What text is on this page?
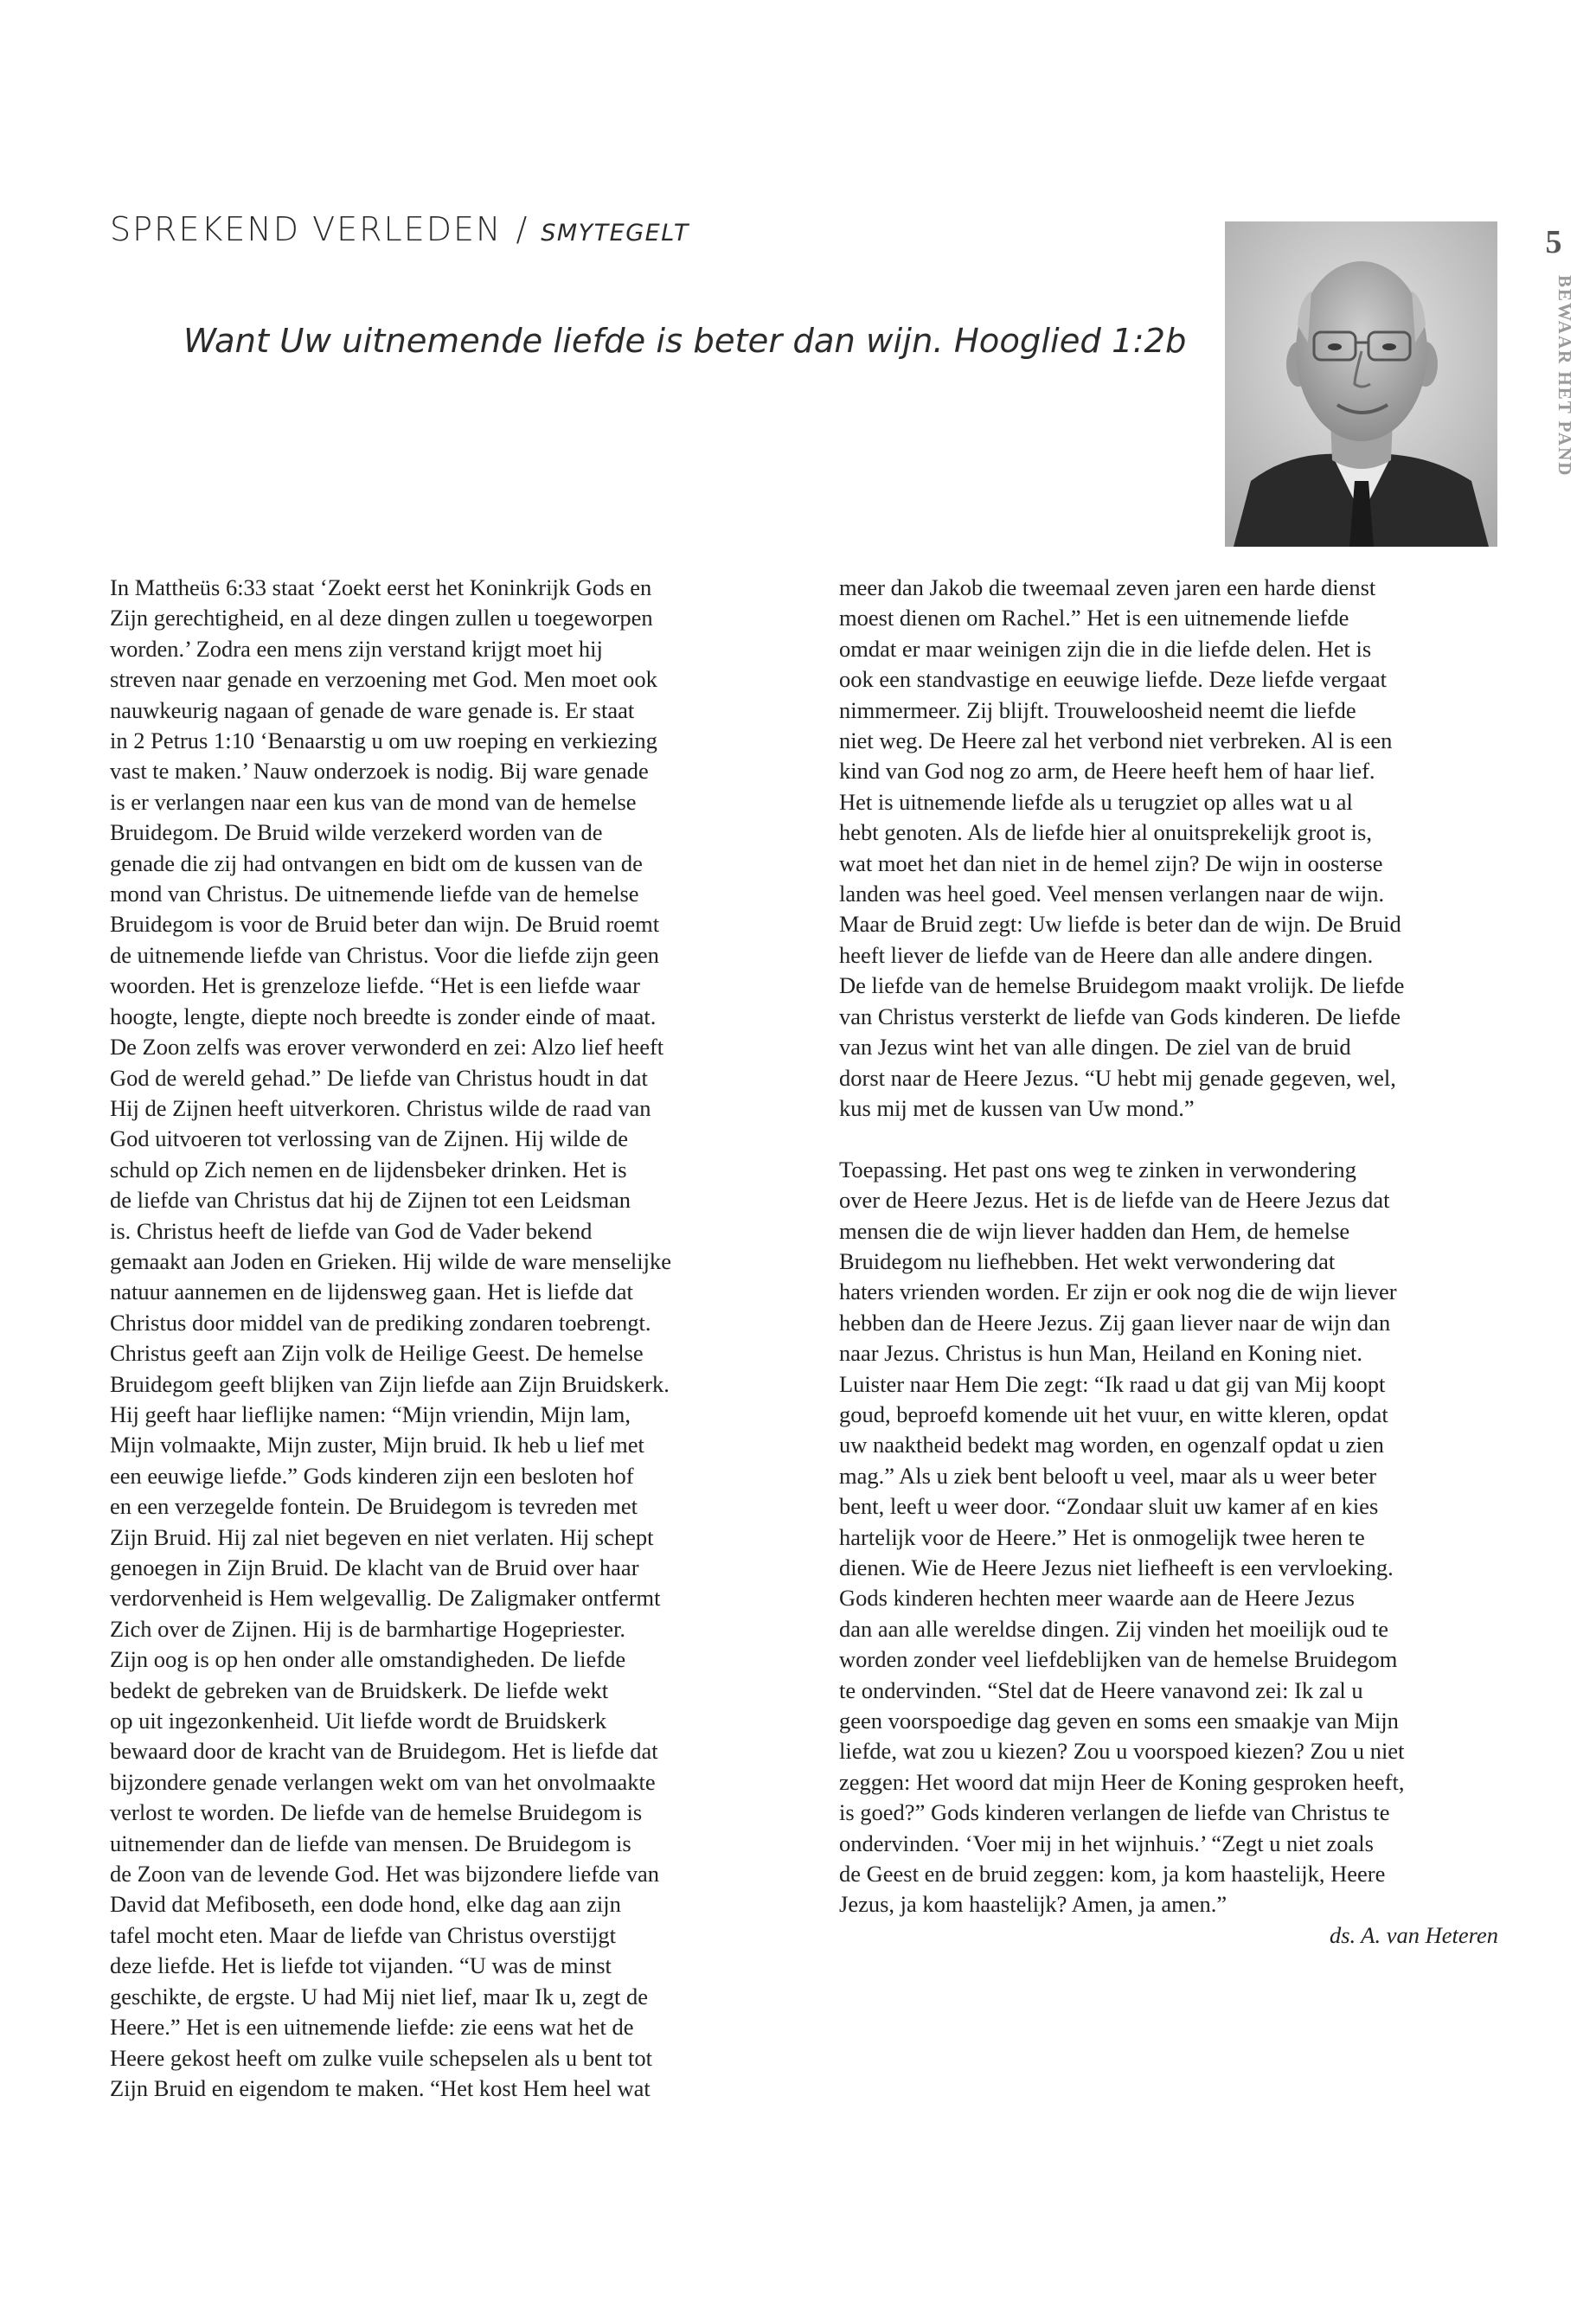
SPREKEND VERLEDEN / SMYTEGELT
Want Uw uitnemende liefde is beter dan wijn. Hooglied 1:2b
5
BEWAAR HET PAND

In Mattheüs 6:33 staat ‘Zoekt eerst het Koninkrijk Gods en
Zijn gerechtigheid, en al deze dingen zullen u toegeworpen
worden.’ Zodra een mens zijn verstand krijgt moet hij
streven naar genade en verzoening met God. Men moet ook
nauwkeurig nagaan of genade de ware genade is. Er staat
in 2 Petrus 1:10 ‘Benaarstig u om uw roeping en verkiezing
vast te maken.’ Nauw onderzoek is nodig. Bij ware genade
is er verlangen naar een kus van de mond van de hemelse
Bruidegom. De Bruid wilde verzekerd worden van de
genade die zij had ontvangen en bidt om de kussen van de
mond van Christus. De uitnemende liefde van de hemelse
Bruidegom is voor de Bruid beter dan wijn. De Bruid roemt
de uitnemende liefde van Christus. Voor die liefde zijn geen
woorden. Het is grenzeloze liefde. “Het is een liefde waar
hoogte, lengte, diepte noch breedte is zonder einde of maat.
De Zoon zelfs was erover verwonderd en zei: Alzo lief heeft
God de wereld gehad.” De liefde van Christus houdt in dat
Hij de Zijnen heeft uitverkoren. Christus wilde de raad van
God uitvoeren tot verlossing van de Zijnen. Hij wilde de
schuld op Zich nemen en de lijdensbeker drinken. Het is
de liefde van Christus dat hij de Zijnen tot een Leidsman
is. Christus heeft de liefde van God de Vader bekend
gemaakt aan Joden en Grieken. Hij wilde de ware menselijke
natuur aannemen en de lijdensweg gaan. Het is liefde dat
Christus door middel van de prediking zondaren toebrengt.
Christus geeft aan Zijn volk de Heilige Geest. De hemelse
Bruidegom geeft blijken van Zijn liefde aan Zijn Bruidskerk.
Hij geeft haar lieflijke namen: “Mijn vriendin, Mijn lam,
Mijn volmaakte, Mijn zuster, Mijn bruid. Ik heb u lief met
een eeuwige liefde.” Gods kinderen zijn een besloten hof
en een verzegelde fontein. De Bruidegom is tevreden met
Zijn Bruid. Hij zal niet begeven en niet verlaten. Hij schept
genoegen in Zijn Bruid. De klacht van de Bruid over haar
verdorvenheid is Hem welgevallig. De Zaligmaker ontfermt
Zich over de Zijnen. Hij is de barmhartige Hogepriester.
Zijn oog is op hen onder alle omstandigheden. De liefde
bedekt de gebreken van de Bruidskerk. De liefde wekt
op uit ingezonkenheid. Uit liefde wordt de Bruidskerk
bewaard door de kracht van de Bruidegom. Het is liefde dat
bijzondere genade verlangen wekt om van het onvolmaakte
verlost te worden. De liefde van de hemelse Bruidegom is
uitnemender dan de liefde van mensen. De Bruidegom is
de Zoon van de levende God. Het was bijzondere liefde van
David dat Mefiboseth, een dode hond, elke dag aan zijn
tafel mocht eten. Maar de liefde van Christus overstijgt
deze liefde. Het is liefde tot vijanden. “U was de minst
geschikte, de ergste. U had Mij niet lief, maar Ik u, zegt de
Heere.” Het is een uitnemende liefde: zie eens wat het de
Heere gekost heeft om zulke vuile schepselen als u bent tot
Zijn Bruid en eigendom te maken. “Het kost Hem heel wat

meer dan Jakob die tweemaal zeven jaren een harde dienst
moest dienen om Rachel.” Het is een uitnemende liefde
omdat er maar weinigen zijn die in die liefde delen. Het is
ook een standvastige en eeuwige liefde. Deze liefde vergaat
nimmermeer. Zij blijft. Trouweloosheid neemt die liefde
niet weg. De Heere zal het verbond niet verbreken. Al is een
kind van God nog zo arm, de Heere heeft hem of haar lief.
Het is uitnemende liefde als u terugziet op alles wat u al
hebt genoten. Als de liefde hier al onuitsprekelijk groot is,
wat moet het dan niet in de hemel zijn? De wijn in oosterse
landen was heel goed. Veel mensen verlangen naar de wijn.
Maar de Bruid zegt: Uw liefde is beter dan de wijn. De Bruid
heeft liever de liefde van de Heere dan alle andere dingen.
De liefde van de hemelse Bruidegom maakt vrolijk. De liefde
van Christus versterkt de liefde van Gods kinderen. De liefde
van Jezus wint het van alle dingen. De ziel van de bruid
dorst naar de Heere Jezus. “U hebt mij genade gegeven, wel,
kus mij met de kussen van Uw mond.”

Toepassing. Het past ons weg te zinken in verwondering
over de Heere Jezus. Het is de liefde van de Heere Jezus dat
mensen die de wijn liever hadden dan Hem, de hemelse
Bruidegom nu liefhebben. Het wekt verwondering dat
haters vrienden worden. Er zijn er ook nog die de wijn liever
hebben dan de Heere Jezus. Zij gaan liever naar de wijn dan
naar Jezus. Christus is hun Man, Heiland en Koning niet.
Luister naar Hem Die zegt: “Ik raad u dat gij van Mij koopt
goud, beproefd komende uit het vuur, en witte kleren, opdat
uw naaktheid bedekt mag worden, en ogenzalf opdat u zien
mag.” Als u ziek bent belooft u veel, maar als u weer beter
bent, leeft u weer door. “Zondaar sluit uw kamer af en kies
hartelijk voor de Heere.” Het is onmogelijk twee heren te
dienen. Wie de Heere Jezus niet liefheeft is een vervloeking.
Gods kinderen hechten meer waarde aan de Heere Jezus
dan aan alle wereldse dingen. Zij vinden het moeilijk oud te
worden zonder veel liefdeblijken van de hemelse Bruidegom
te ondervinden. “Stel dat de Heere vanavond zei: Ik zal u
geen voorspoedige dag geven en soms een smaakje van Mijn
liefde, wat zou u kiezen? Zou u voorspoed kiezen? Zou u niet
zeggen: Het woord dat mijn Heer de Koning gesproken heeft,
is goed?” Gods kinderen verlangen de liefde van Christus te
ondervinden. ‘Voer mij in het wijnhuis.’ “Zegt u niet zoals
de Geest en de bruid zeggen: kom, ja kom haastelijk, Heere
Jezus, ja kom haastelijk? Amen, ja amen.”

ds. A. van Heteren
